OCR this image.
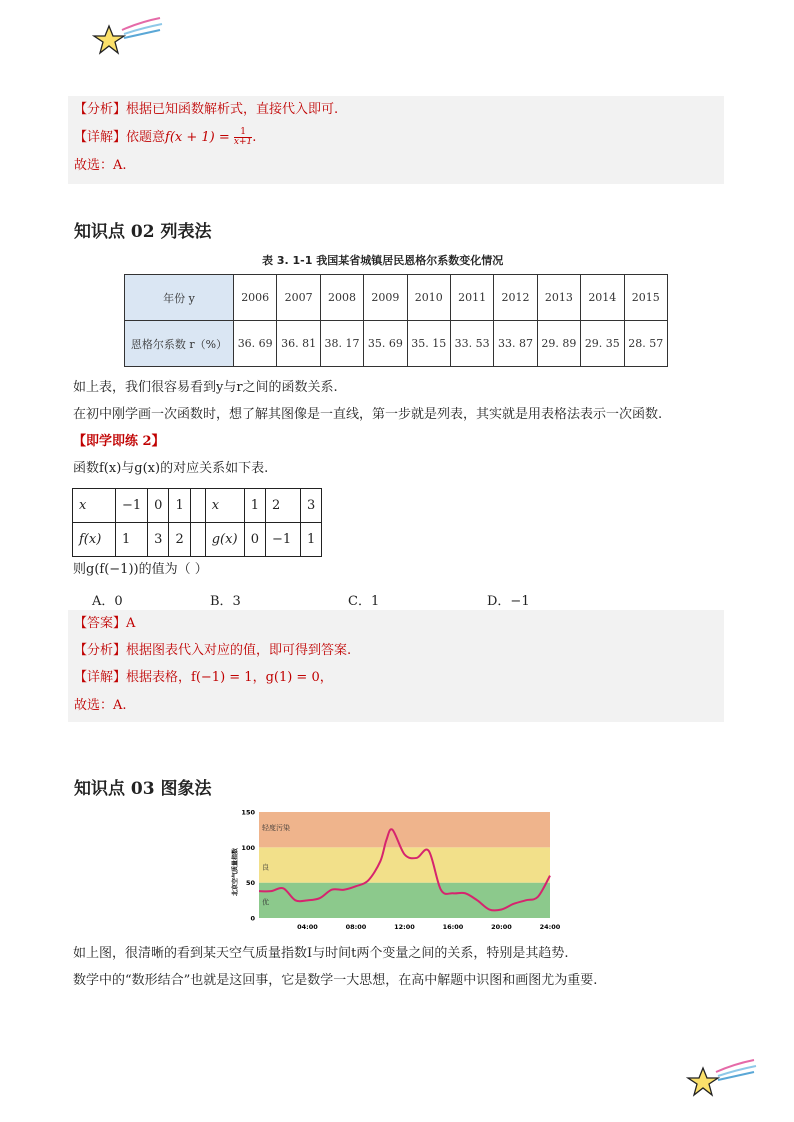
【分析】根据已知函数解析式，直接代入即可.
【详解】依题意$f(x + 1) = \frac{1}{x+1}$ .
故选：A.
知识点 02 列表法
表 3. 1-1 我国某省城镇居民恩格尔系数变化情况
年份 y	2006	2007	2008	2009	2010	2011	2012	2013	2014	2015
恩格尔系数 r（%）	36. 69	36. 81	38. 17	35. 69	35. 15	33. 53	33. 87	29. 89	29. 35	28. 57
如上表，我们很容易看到y与r之间的函数关系.
在初中刚学画一次函数时，想了解其图像是一直线，第一步就是列表，其实就是用表格法表示一次函数.
【即学即练 2】
函数f(x)与g(x)的对应关系如下表.
x	−1	0	1		x	1	2	3
f(x)	1	3	2		g(x)	0	−1	1
则g(f(−1))的值为（ ）
A．0	B．3	C．1	D．−1
【答案】A
【分析】根据图表代入对应的值，即可得到答案.
【详解】根据表格，f(−1) = 1，g(1) = 0，
故选：A.
知识点 03 图象法
优
良
轻度污染
0
50
100
150
04:00	08:00	12:00	16:00	20:00	24:00
北京空气质量指数
如上图，很清晰的看到某天空气质量指数I与时间t两个变量之间的关系，特别是其趋势.
数学中的“数形结合”也就是这回事，它是数学一大思想，在高中解题中识图和画图尤为重要.
